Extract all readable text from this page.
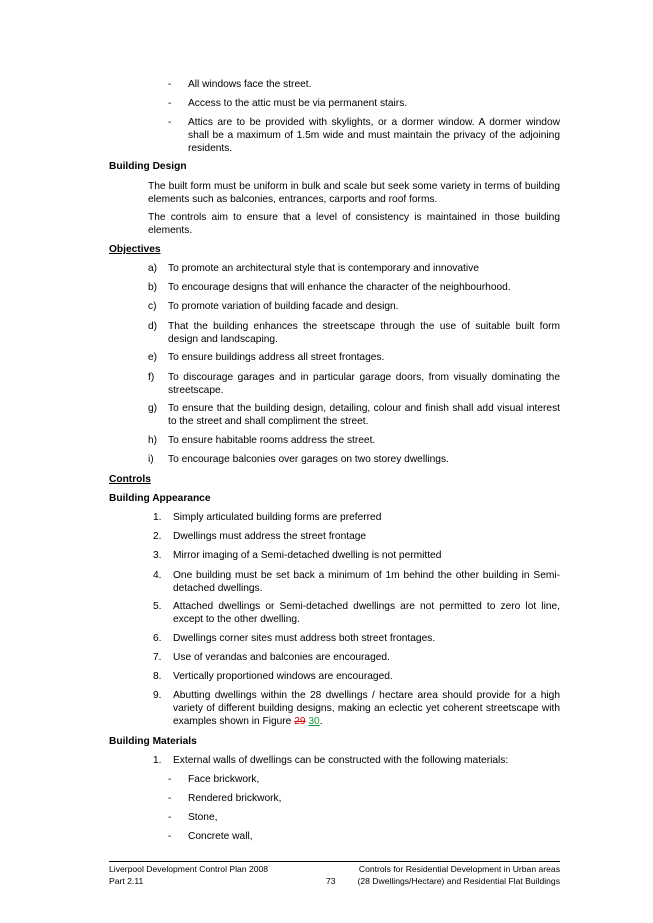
- All windows face the street.
- Access to the attic must be via permanent stairs.
- Attics are to be provided with skylights, or a dormer window. A dormer window shall be a maximum of 1.5m wide and must maintain the privacy of the adjoining residents.
Building Design
The built form must be uniform in bulk and scale but seek some variety in terms of building elements such as balconies, entrances, carports and roof forms.
The controls aim to ensure that a level of consistency is maintained in those building elements.
Objectives
a) To promote an architectural style that is contemporary and innovative
b) To encourage designs that will enhance the character of the neighbourhood.
c) To promote variation of building facade and design.
d) That the building enhances the streetscape through the use of suitable built form design and landscaping.
e) To ensure buildings address all street frontages.
f) To discourage garages and in particular garage doors, from visually dominating the streetscape.
g) To ensure that the building design, detailing, colour and finish shall add visual interest to the street and shall compliment the street.
h) To ensure habitable rooms address the street.
i) To encourage balconies over garages on two storey dwellings.
Controls
Building Appearance
1. Simply articulated building forms are preferred
2. Dwellings must address the street frontage
3. Mirror imaging of a Semi-detached dwelling is not permitted
4. One building must be set back a minimum of 1m behind the other building in Semi-detached dwellings.
5. Attached dwellings or Semi-detached dwellings are not permitted to zero lot line, except to the other dwelling.
6. Dwellings corner sites must address both street frontages.
7. Use of verandas and balconies are encouraged.
8. Vertically proportioned windows are encouraged.
9. Abutting dwellings within the 28 dwellings / hectare area should provide for a high variety of different building designs, making an eclectic yet coherent streetscape with examples shown in Figure 29 30.
Building Materials
1. External walls of dwellings can be constructed with the following materials:
- Face brickwork,
- Rendered brickwork,
- Stone,
- Concrete wall,
Liverpool Development Control Plan 2008
Part 2.11	73
Controls for Residential Development in Urban areas
(28 Dwellings/Hectare) and Residential Flat Buildings
